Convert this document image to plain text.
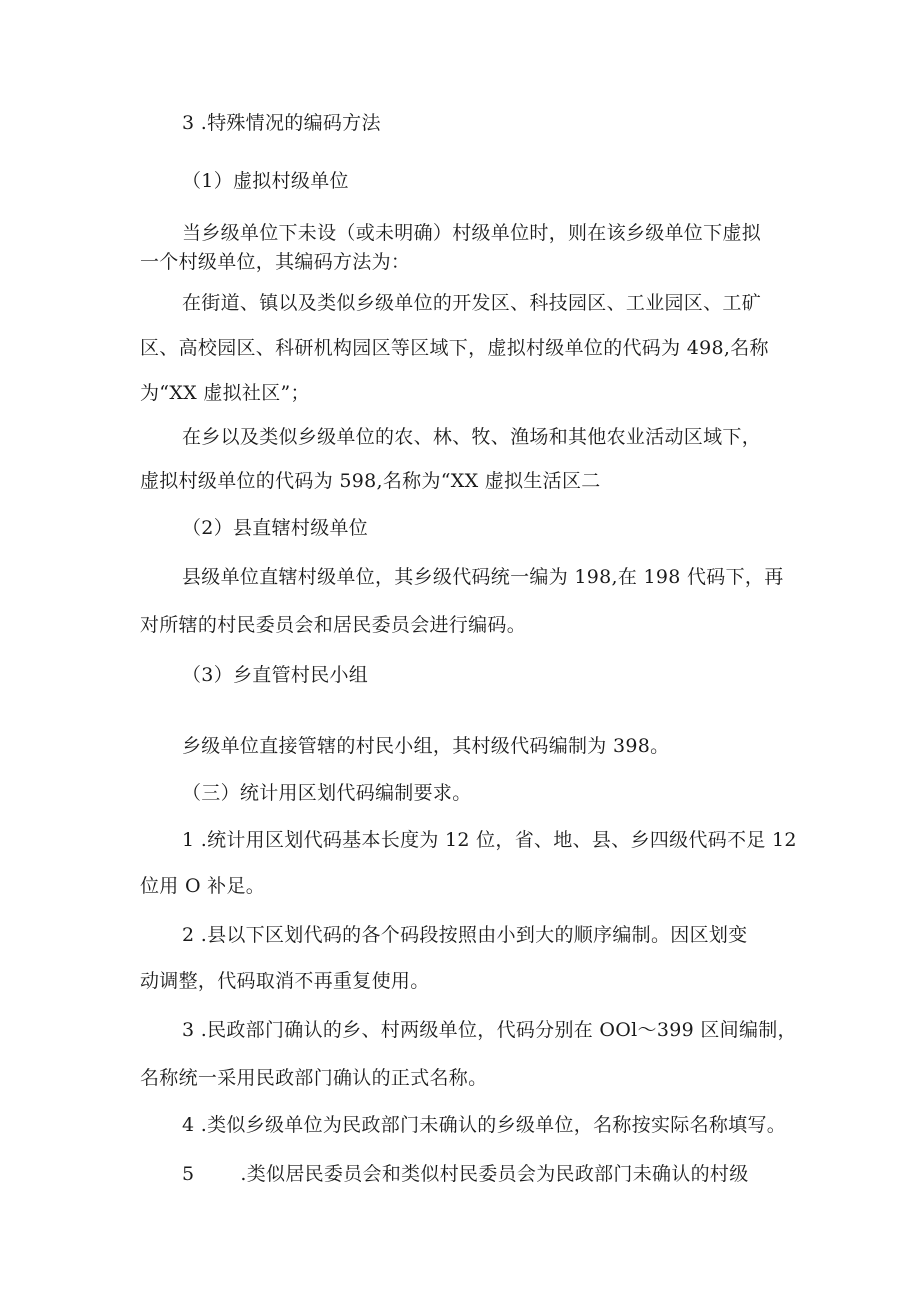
3 .特殊情况的编码方法
（1）虚拟村级单位
当乡级单位下未设（或未明确）村级单位时，则在该乡级单位下虚拟
一个村级单位，其编码方法为：
在街道、镇以及类似乡级单位的开发区、科技园区、工业园区、工矿
区、高校园区、科研机构园区等区域下，虚拟村级单位的代码为 498,名称
为“XX 虚拟社区”；
在乡以及类似乡级单位的农、林、牧、渔场和其他农业活动区域下，
虚拟村级单位的代码为 598,名称为“XX 虚拟生活区二
（2）县直辖村级单位
县级单位直辖村级单位，其乡级代码统一编为 198,在 198 代码下，再
对所辖的村民委员会和居民委员会进行编码。
（3）乡直管村民小组
乡级单位直接管辖的村民小组，其村级代码编制为 398。
（三）统计用区划代码编制要求。
1 .统计用区划代码基本长度为 12 位，省、地、县、乡四级代码不足 12
位用 O 补足。
2 .县以下区划代码的各个码段按照由小到大的顺序编制。因区划变
动调整，代码取消不再重复使用。
3 .民政部门确认的乡、村两级单位，代码分别在 OOl～399 区间编制，
名称统一采用民政部门确认的正式名称。
4 .类似乡级单位为民政部门未确认的乡级单位，名称按实际名称填写。
5 .类似居民委员会和类似村民委员会为民政部门未确认的村级
